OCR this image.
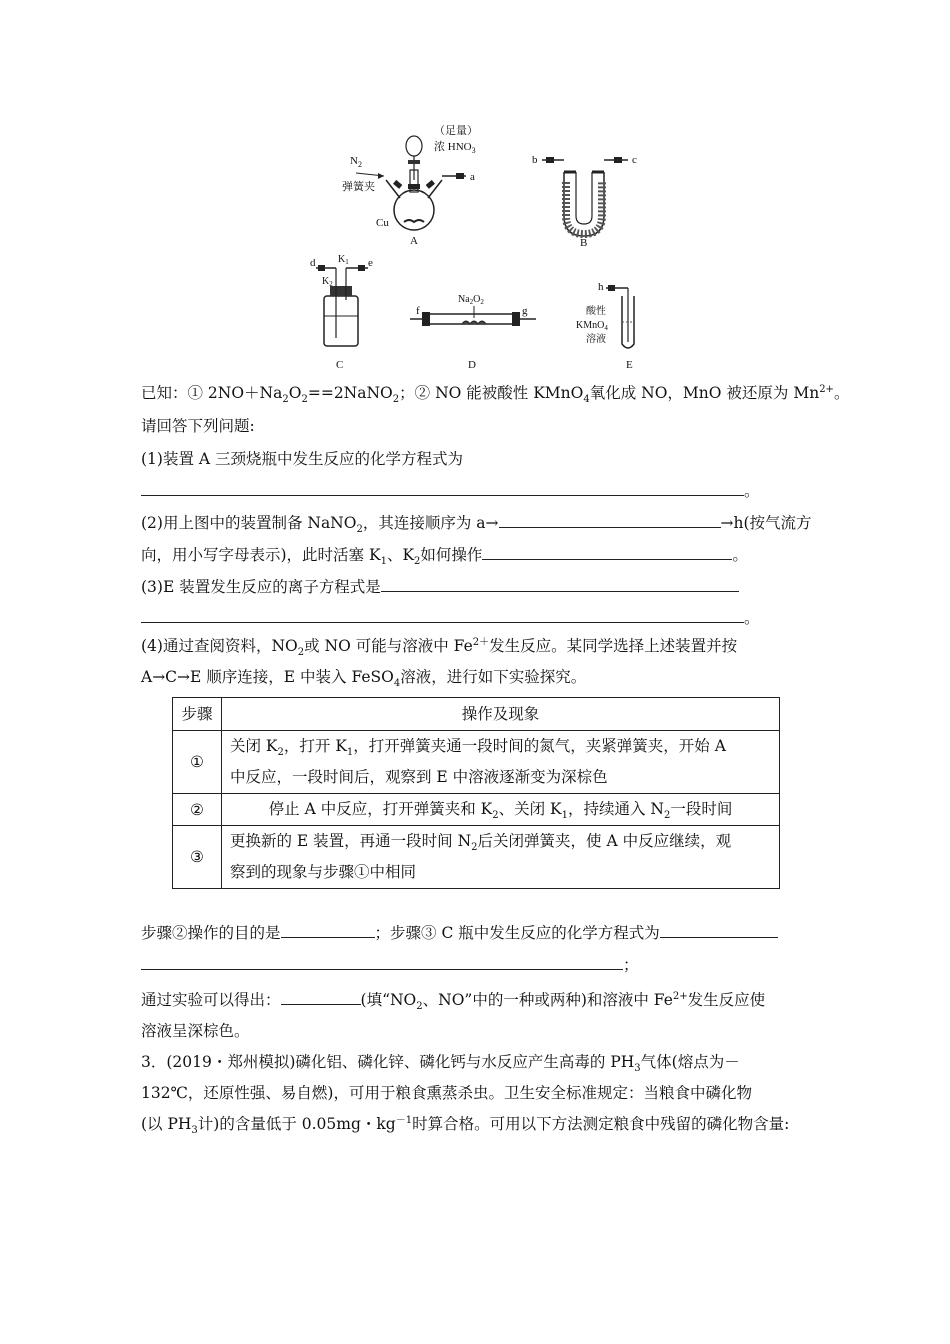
（足量）
浓 $HNO_3$
$N_2$
弹簧夹
Cu
a
A
b	c
B
d	e
$K_1$
$K_2$
C
f	g
$Na_2O_2$
D
h
酸性
KMnO$_4$
溶液
E
已知：① $2NO+Na_2O_2==2NaNO_2$；② NO 能被酸性 KMnO$_4$氧化成 NO，MnO 被还原为 $Mn^{2+}$。
请回答下列问题:
(1)装置 A 三颈烧瓶中发生反应的化学方程式为
。
(2)用上图中的装置制备 NaNO$_2$，其连接顺序为 a→	→h(按气流方
向，用小写字母表示)，此时活塞 $K_1$、$K_2$如何操作	。
(3)E 装置发生反应的离子方程式是
。
(4)通过查阅资料，$NO_2$或 NO 可能与溶液中 $Fe^{2+}$发生反应。某同学选择上述装置并按
A→C→E 顺序连接，E 中装入 FeSO$_4$溶液，进行如下实验探究。
步骤	操作及现象
①	关闭 $K_2$，打开 $K_1$，打开弹簧夹通一段时间的氮气，夹紧弹簧夹，开始 A
中反应，一段时间后，观察到 E 中溶液逐渐变为深棕色
②	停止 A 中反应，打开弹簧夹和 $K_2$、关闭 $K_1$，持续通入 $N_2$一段时间
③	更换新的 E 装置，再通一段时间 $N_2$后关闭弹簧夹，使 A 中反应继续，观
察到的现象与步骤①中相同
步骤②操作的目的是	；步骤③ C 瓶中发生反应的化学方程式为
；
通过实验可以得出：	(填“$NO_2$、NO”中的一种或两种)和溶液中 $Fe^{2+}$发生反应使
溶液呈深棕色。
3．(2019・郑州模拟)磷化铝、磷化锌、磷化钙与水反应产生高毒的 $PH_3$气体(熔点为－
132℃，还原性强、易自燃)，可用于粮食熏蒸杀虫。卫生安全标准规定：当粮食中磷化物
(以 $PH_3$计)的含量低于 0.05mg・$kg^{-1}$时算合格。可用以下方法测定粮食中残留的磷化物含量:
